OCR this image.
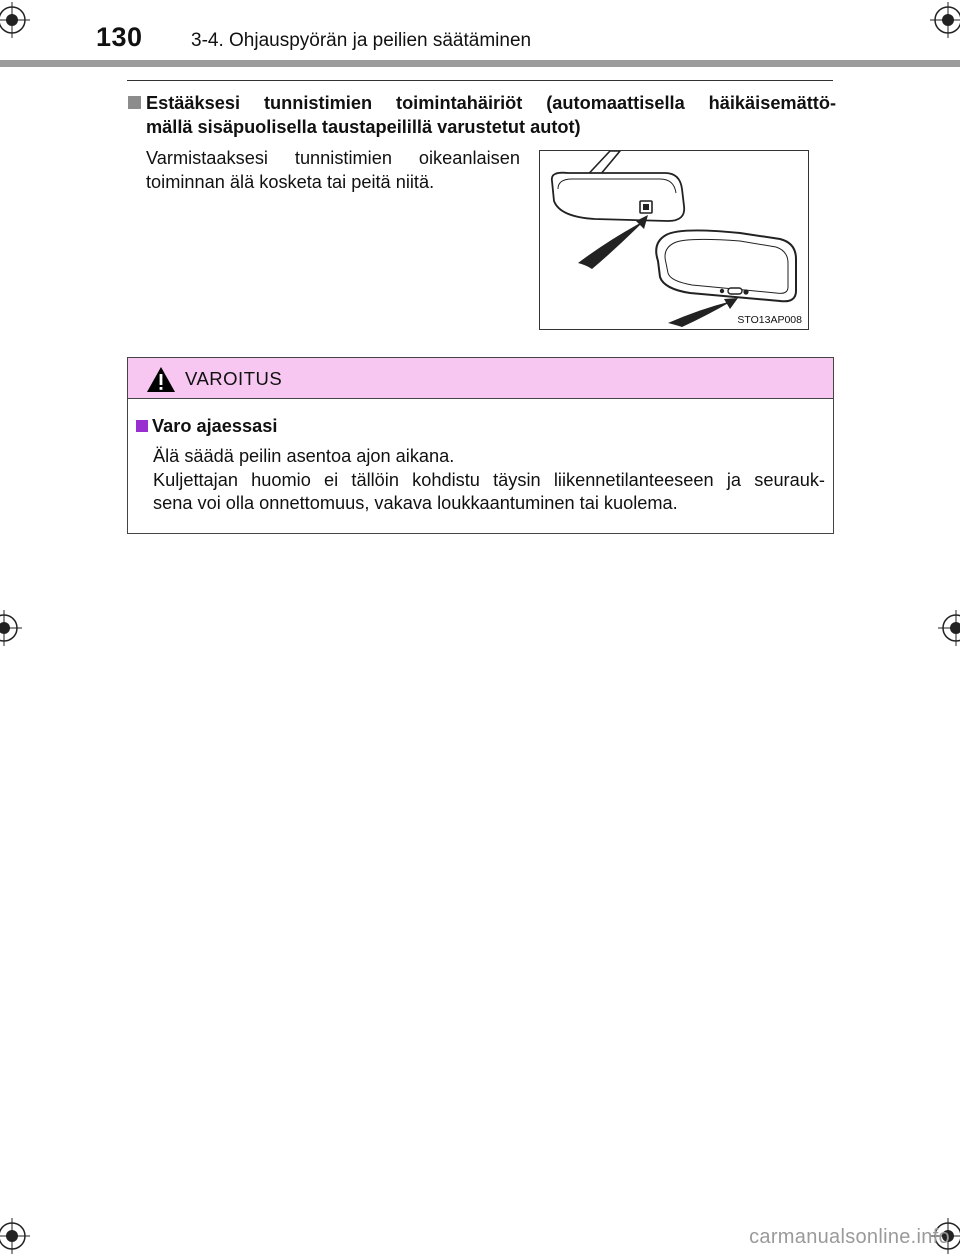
130	3-4. Ohjauspyörän ja peilien säätäminen
Estääksesi tunnistimien toimintahäiriöt (automaattisella häikäisemättö-
mällä sisäpuolisella taustapeilillä varustetut autot)
Varmistaaksesi tunnistimien oikeanlaisen
toiminnan älä kosketa tai peitä niitä.
STO13AP008
VAROITUS
Varo ajaessasi
Älä säädä peilin asentoa ajon aikana.
Kuljettajan huomio ei tällöin kohdistu täysin liikennetilanteeseen ja seurauk-
sena voi olla onnettomuus, vakava loukkaantuminen tai kuolema.
carmanualsonline.info
